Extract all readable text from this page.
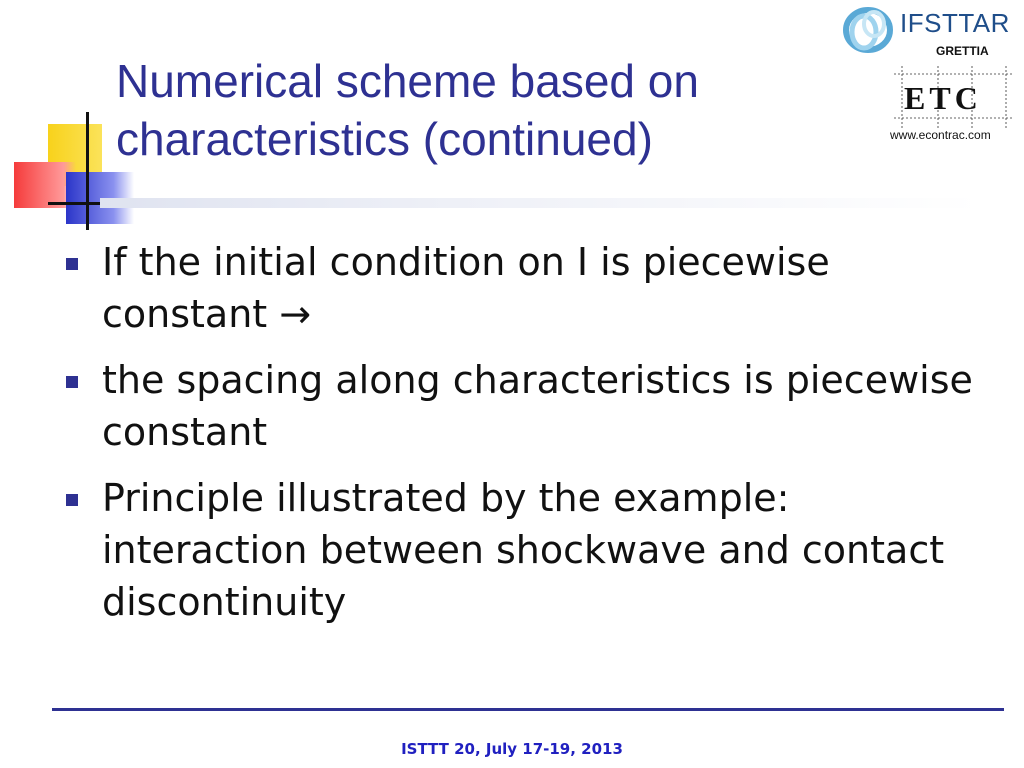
Numerical scheme based on characteristics (continued)
IFSTTAR
GRETTIA
ETC
www.econtrac.com
If the initial condition on I is piecewise constant →
the spacing along characteristics is piecewise constant
Principle illustrated by the example: interaction between shockwave and contact discontinuity
ISTTT 20, July 17-19, 2013
